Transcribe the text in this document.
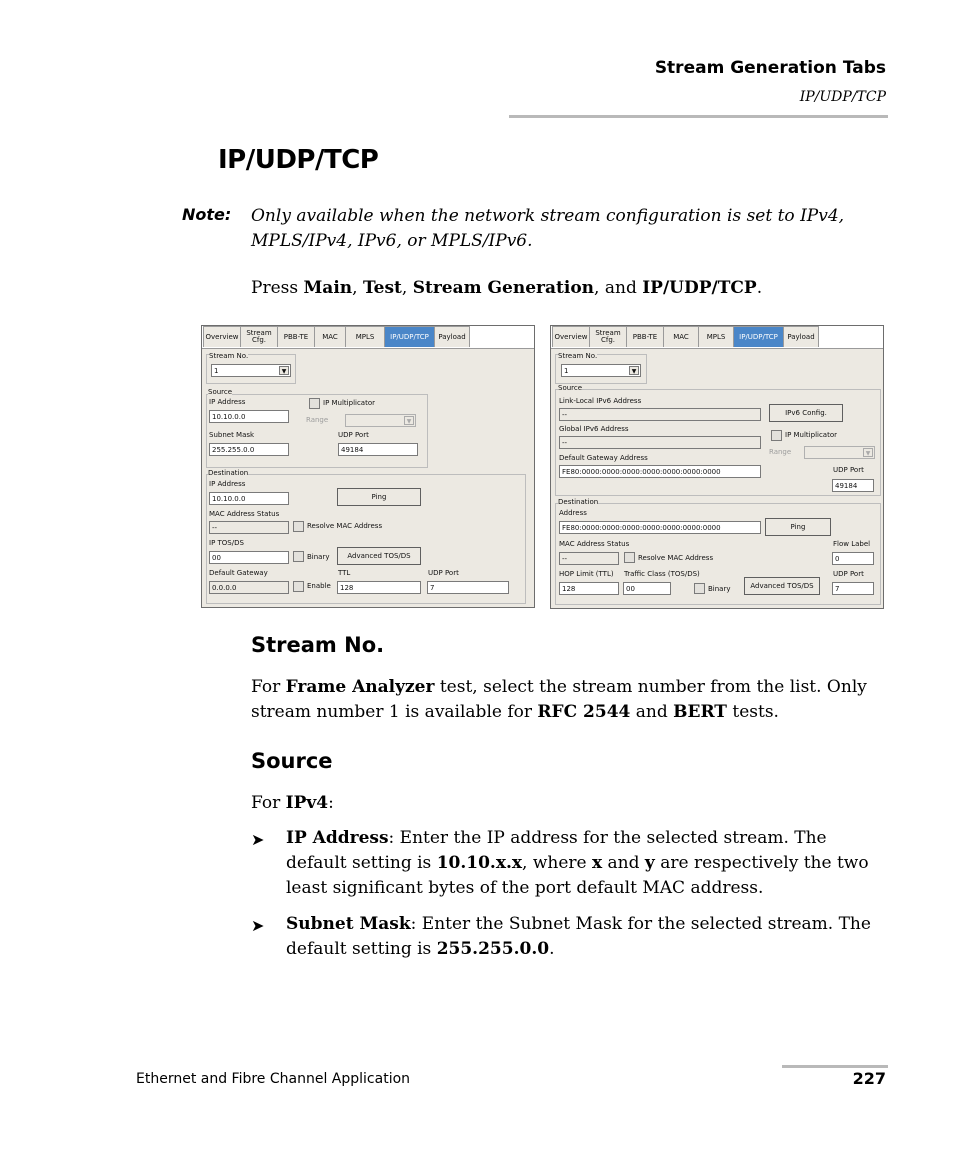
Stream Generation Tabs
IP/UDP/TCP
IP/UDP/TCP
Note: Only available when the network stream configuration is set to IPv4, MPLS/IPv4, IPv6, or MPLS/IPv6.
Press Main, Test, Stream Generation, and IP/UDP/TCP.
Overview	Stream Cfg.	PBB-TE	MAC	MPLS	IP/UDP/TCP	Payload
Stream No.
1	▼
Source
IP Address
10.10.0.0
IP Multiplicator
Range	▼
Subnet Mask
255.255.0.0
UDP Port
49184
Destination
IP Address
10.10.0.0	Ping
MAC Address Status
--	Resolve MAC Address
IP TOS/DS
00	Binary	Advanced TOS/DS
Default Gateway
0.0.0.0	Enable
TTL
128
UDP Port
7
Overview	Stream Cfg.	PBB-TE	MAC	MPLS	IP/UDP/TCP	Payload
Stream No.
1	▼
Source
Link-Local IPv6 Address
--	IPv6 Config.
Global IPv6 Address
--
IP Multiplicator
Range	▼
Default Gateway Address
FE80:0000:0000:0000:0000:0000:0000:0000	UDP Port
49184
Destination
Address
FE80:0000:0000:0000:0000:0000:0000:0000	Ping
MAC Address Status
--	Resolve MAC Address
Flow Label
0
HOP Limit (TTL)
128
Traffic Class (TOS/DS)
00	Binary	Advanced TOS/DS
UDP Port
7
Stream No.
For Frame Analyzer test, select the stream number from the list. Only stream number 1 is available for RFC 2544 and BERT tests.
Source
For IPv4:
➤ IP Address: Enter the IP address for the selected stream. The default setting is 10.10.x.x, where x and y are respectively the two least significant bytes of the port default MAC address.
➤ Subnet Mask: Enter the Subnet Mask for the selected stream. The default setting is 255.255.0.0.
Ethernet and Fibre Channel Application	227
